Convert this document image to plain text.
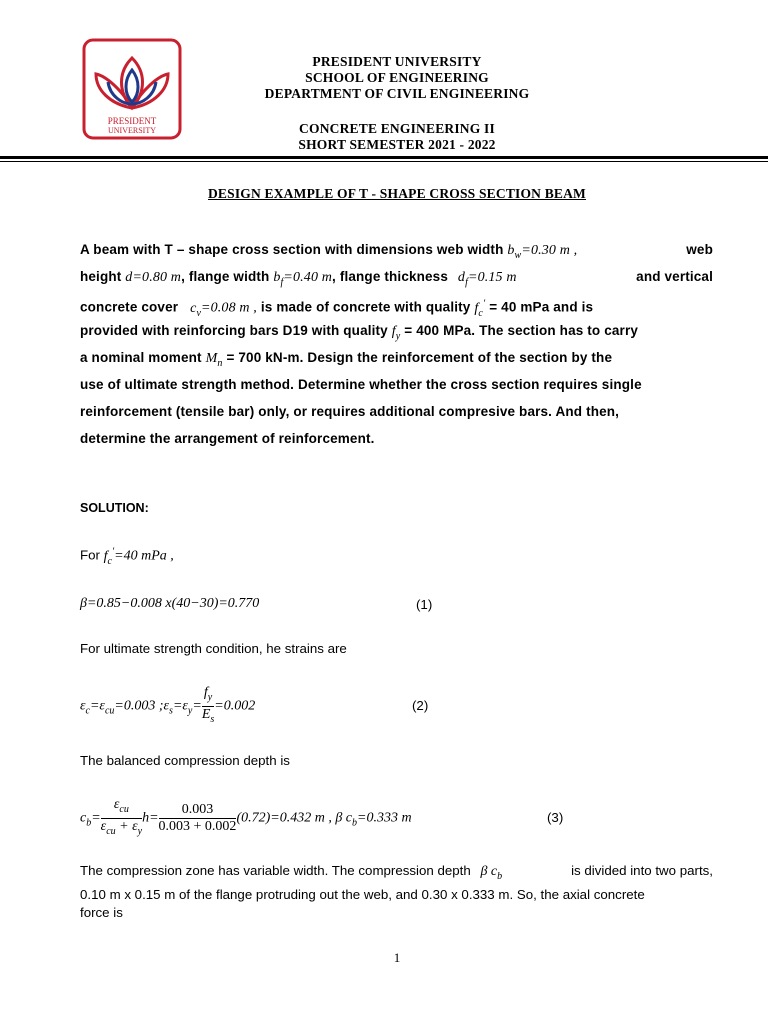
PRESIDENT
UNIVERSITY
PRESIDENT UNIVERSITY
SCHOOL OF ENGINEERING
DEPARTMENT OF CIVIL ENGINEERING
CONCRETE ENGINEERING II
SHORT SEMESTER 2021 - 2022
DESIGN EXAMPLE OF T - SHAPE CROSS SECTION BEAM
A beam with T – shape cross section with dimensions web width $b_w=0.30$ m ,	web
height d=0.80 m, flange width $b_f=0.40$ m, flange thickness $d_f=0.15$ m	and vertical
concrete cover $c_v=0.08$ m , is made of concrete with quality $f_c' = 40$ mPa and is
provided with reinforcing bars D19 with quality $f_y = 400$ MPa. The section has to carry
a nominal moment $M_n = 700$ kN-m. Design the reinforcement of the section by the
use of ultimate strength method. Determine whether the cross section requires single
reinforcement (tensile bar) only, or requires additional compresive bars. And then,
determine the arrangement of reinforcement.
SOLUTION:
For $f_c'=40$ mPa ,
β=0.85−0.008 x(40−30)=0.770	(1)
For ultimate strength condition, he strains are
$\varepsilon_c=\varepsilon_{cu}=0.003$ $;\varepsilon_s=\varepsilon_y= \frac{f_y}{E_s} =0.002$	(2)
The balanced compression depth is
$c_b= \frac{\varepsilon_{cu}}{\varepsilon_{cu} + \varepsilon_y} h= \frac{0.003}{0.003 + 0.002} (0.72)=0.432$ m , β $c_b=0.333$ m	(3)
The compression zone has variable width. The compression depth β $c_b$	is divided into two parts,
0.10 m x 0.15 m of the flange protruding out the web, and 0.30 x 0.333 m. So, the axial concrete
force is
1
